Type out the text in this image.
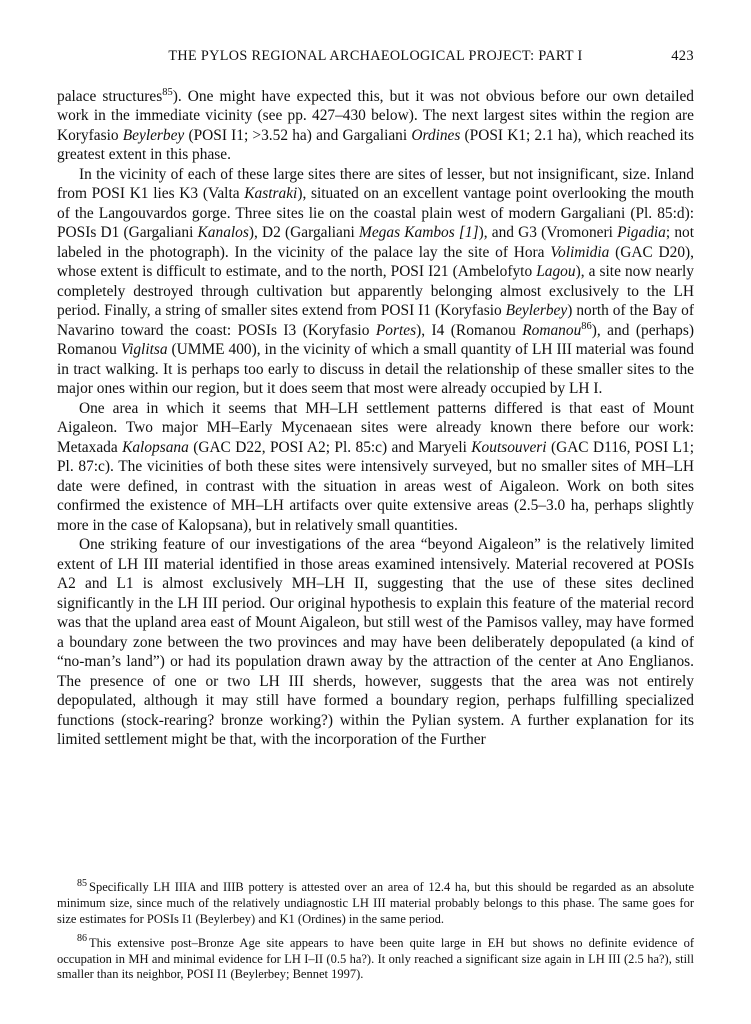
THE PYLOS REGIONAL ARCHAEOLOGICAL PROJECT: PART I	423

palace structures$^{85}$). One might have expected this, but it was not obvious before our own detailed work in the immediate vicinity (see pp. 427–430 below). The next largest sites within the region are Koryfasio Beylerbey (POSI I1; >3.52 ha) and Gargaliani Ordines (POSI K1; 2.1 ha), which reached its greatest extent in this phase.

In the vicinity of each of these large sites there are sites of lesser, but not insignificant, size. Inland from POSI K1 lies K3 (Valta Kastraki), situated on an excellent vantage point overlooking the mouth of the Langouvardos gorge. Three sites lie on the coastal plain west of modern Gargaliani (Pl. 85:d): POSIs D1 (Gargaliani Kanalos), D2 (Gargaliani Megas Kambos [1]), and G3 (Vromoneri Pigadia; not labeled in the photograph). In the vicinity of the palace lay the site of Hora Volimidia (GAC D20), whose extent is difficult to estimate, and to the north, POSI I21 (Ambelofyto Lagou), a site now nearly completely destroyed through cultivation but apparently belonging almost exclusively to the LH period. Finally, a string of smaller sites extend from POSI I1 (Koryfasio Beylerbey) north of the Bay of Navarino toward the coast: POSIs I3 (Koryfasio Portes), I4 (Romanou Romanou$^{86}$), and (perhaps) Romanou Viglitsa (UMME 400), in the vicinity of which a small quantity of LH III material was found in tract walking. It is perhaps too early to discuss in detail the relationship of these smaller sites to the major ones within our region, but it does seem that most were already occupied by LH I.

One area in which it seems that MH–LH settlement patterns differed is that east of Mount Aigaleon. Two major MH–Early Mycenaean sites were already known there before our work: Metaxada Kalopsana (GAC D22, POSI A2; Pl. 85:c) and Maryeli Koutsouveri (GAC D116, POSI L1; Pl. 87:c). The vicinities of both these sites were intensively surveyed, but no smaller sites of MH–LH date were defined, in contrast with the situation in areas west of Aigaleon. Work on both sites confirmed the existence of MH–LH artifacts over quite extensive areas (2.5–3.0 ha, perhaps slightly more in the case of Kalopsana), but in relatively small quantities.

One striking feature of our investigations of the area “beyond Aigaleon” is the relatively limited extent of LH III material identified in those areas examined intensively. Material recovered at POSIs A2 and L1 is almost exclusively MH–LH II, suggesting that the use of these sites declined significantly in the LH III period. Our original hypothesis to explain this feature of the material record was that the upland area east of Mount Aigaleon, but still west of the Pamisos valley, may have formed a boundary zone between the two provinces and may have been deliberately depopulated (a kind of “no-man’s land”) or had its population drawn away by the attraction of the center at Ano Englianos. The presence of one or two LH III sherds, however, suggests that the area was not entirely depopulated, although it may still have formed a boundary region, perhaps fulfilling specialized functions (stock-rearing? bronze working?) within the Pylian system. A further explanation for its limited settlement might be that, with the incorporation of the Further

$^{85}$ Specifically LH IIIA and IIIB pottery is attested over an area of 12.4 ha, but this should be regarded as an absolute minimum size, since much of the relatively undiagnostic LH III material probably belongs to this phase. The same goes for size estimates for POSIs I1 (Beylerbey) and K1 (Ordines) in the same period.

$^{86}$ This extensive post–Bronze Age site appears to have been quite large in EH but shows no definite evidence of occupation in MH and minimal evidence for LH I–II (0.5 ha?). It only reached a significant size again in LH III (2.5 ha?), still smaller than its neighbor, POSI I1 (Beylerbey; Bennet 1997).
